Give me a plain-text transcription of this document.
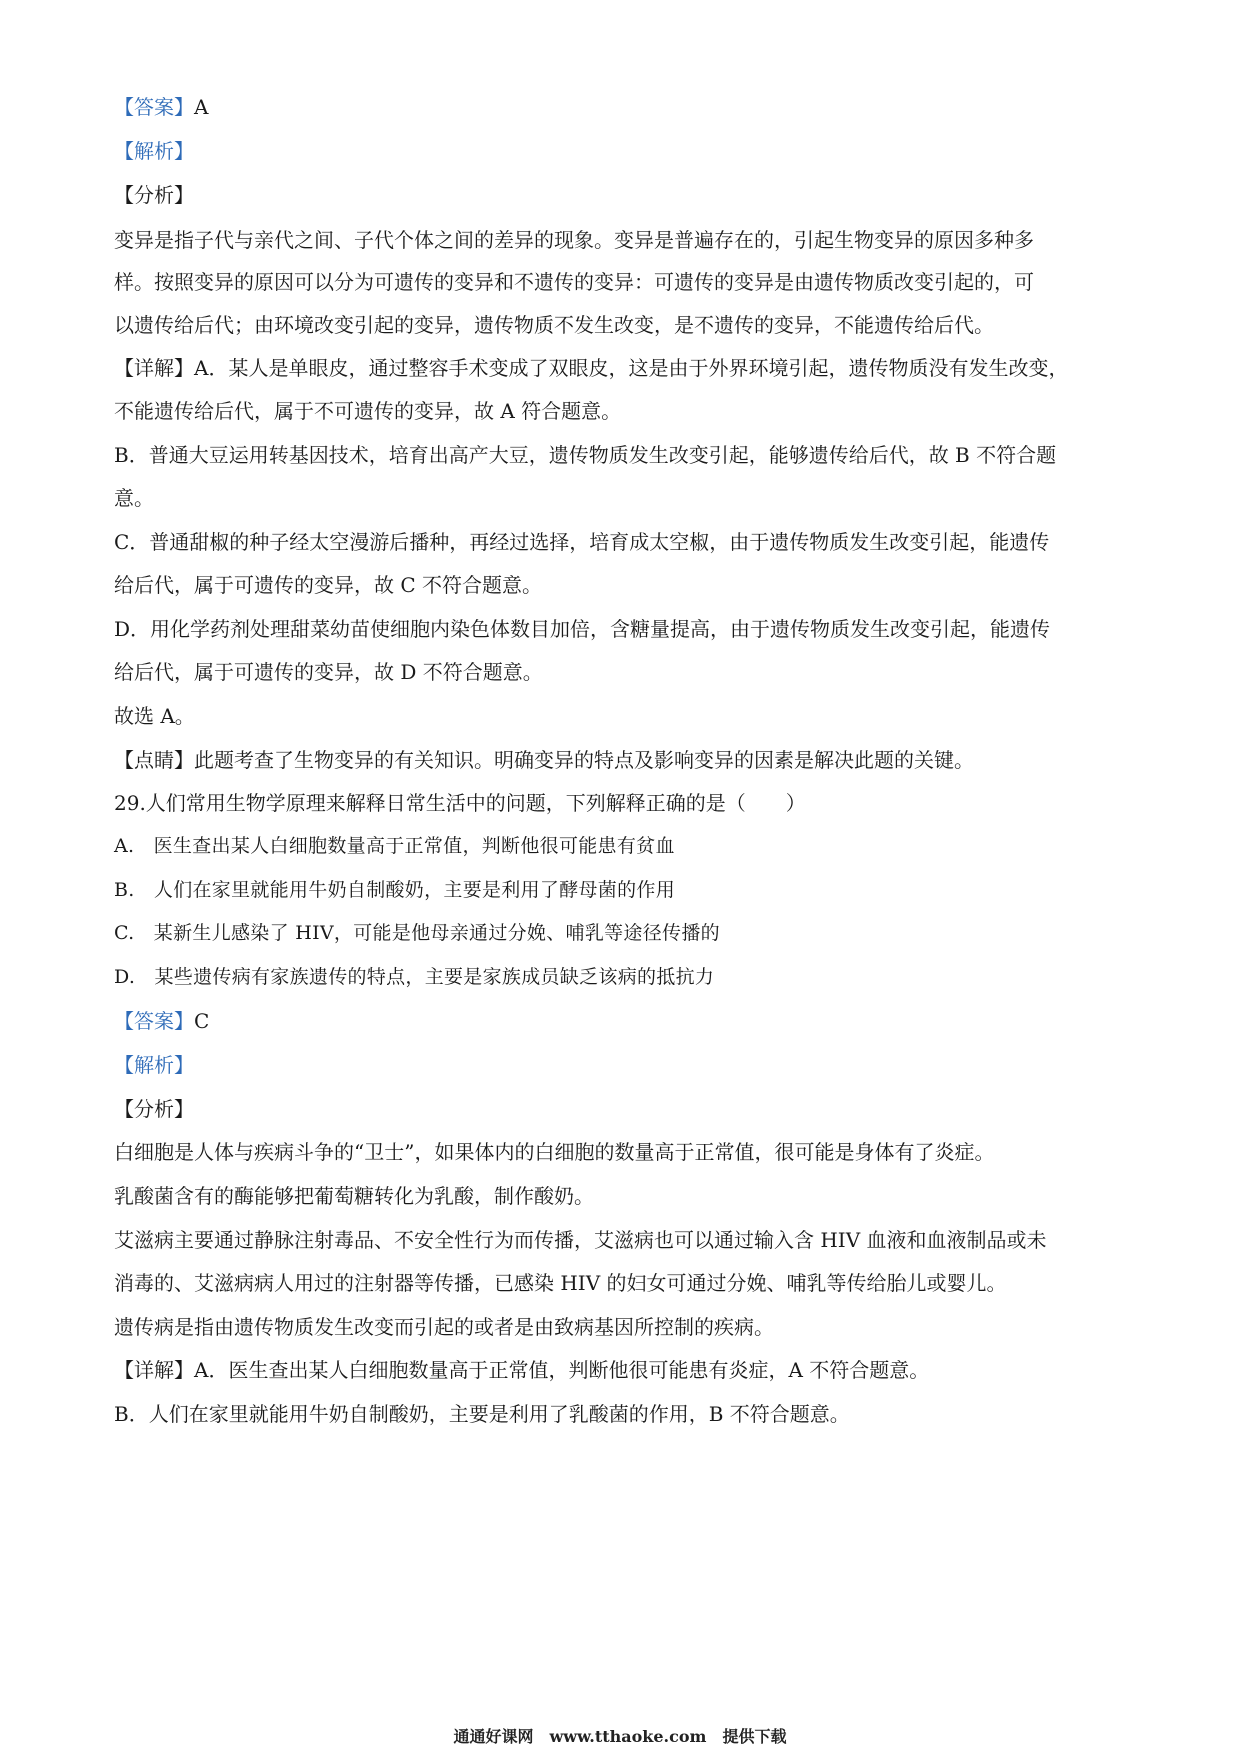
【答案】A
【解析】
【分析】
变异是指子代与亲代之间、子代个体之间的差异的现象。变异是普遍存在的，引起生物变异的原因多种多
样。按照变异的原因可以分为可遗传的变异和不遗传的变异：可遗传的变异是由遗传物质改变引起的，可
以遗传给后代；由环境改变引起的变异，遗传物质不发生改变，是不遗传的变异，不能遗传给后代。
【详解】A．某人是单眼皮，通过整容手术变成了双眼皮，这是由于外界环境引起，遗传物质没有发生改变，
不能遗传给后代，属于不可遗传的变异，故 A 符合题意。
B．普通大豆运用转基因技术，培育出高产大豆，遗传物质发生改变引起，能够遗传给后代，故 B 不符合题
意。
C．普通甜椒的种子经太空漫游后播种，再经过选择，培育成太空椒，由于遗传物质发生改变引起，能遗传
给后代，属于可遗传的变异，故 C 不符合题意。
D．用化学药剂处理甜菜幼苗使细胞内染色体数目加倍，含糖量提高，由于遗传物质发生改变引起，能遗传
给后代，属于可遗传的变异，故 D 不符合题意。
故选 A。
【点睛】此题考查了生物变异的有关知识。明确变异的特点及影响变异的因素是解决此题的关键。
29.人们常用生物学原理来解释日常生活中的问题，下列解释正确的是（　　）
A.　医生查出某人白细胞数量高于正常值，判断他很可能患有贫血
B.　人们在家里就能用牛奶自制酸奶，主要是利用了酵母菌的作用
C.　某新生儿感染了 HIV，可能是他母亲通过分娩、哺乳等途径传播的
D.　某些遗传病有家族遗传的特点，主要是家族成员缺乏该病的抵抗力
【答案】C
【解析】
【分析】
白细胞是人体与疾病斗争的“卫士”，如果体内的白细胞的数量高于正常值，很可能是身体有了炎症。
乳酸菌含有的酶能够把葡萄糖转化为乳酸，制作酸奶。
艾滋病主要通过静脉注射毒品、不安全性行为而传播，艾滋病也可以通过输入含 HIV 血液和血液制品或未
消毒的、艾滋病病人用过的注射器等传播，已感染 HIV 的妇女可通过分娩、哺乳等传给胎儿或婴儿。
遗传病是指由遗传物质发生改变而引起的或者是由致病基因所控制的疾病。
【详解】A．医生查出某人白细胞数量高于正常值，判断他很可能患有炎症，A 不符合题意。
B．人们在家里就能用牛奶自制酸奶，主要是利用了乳酸菌的作用，B 不符合题意。
通通好课网　www.tthaoke.com　提供下载
